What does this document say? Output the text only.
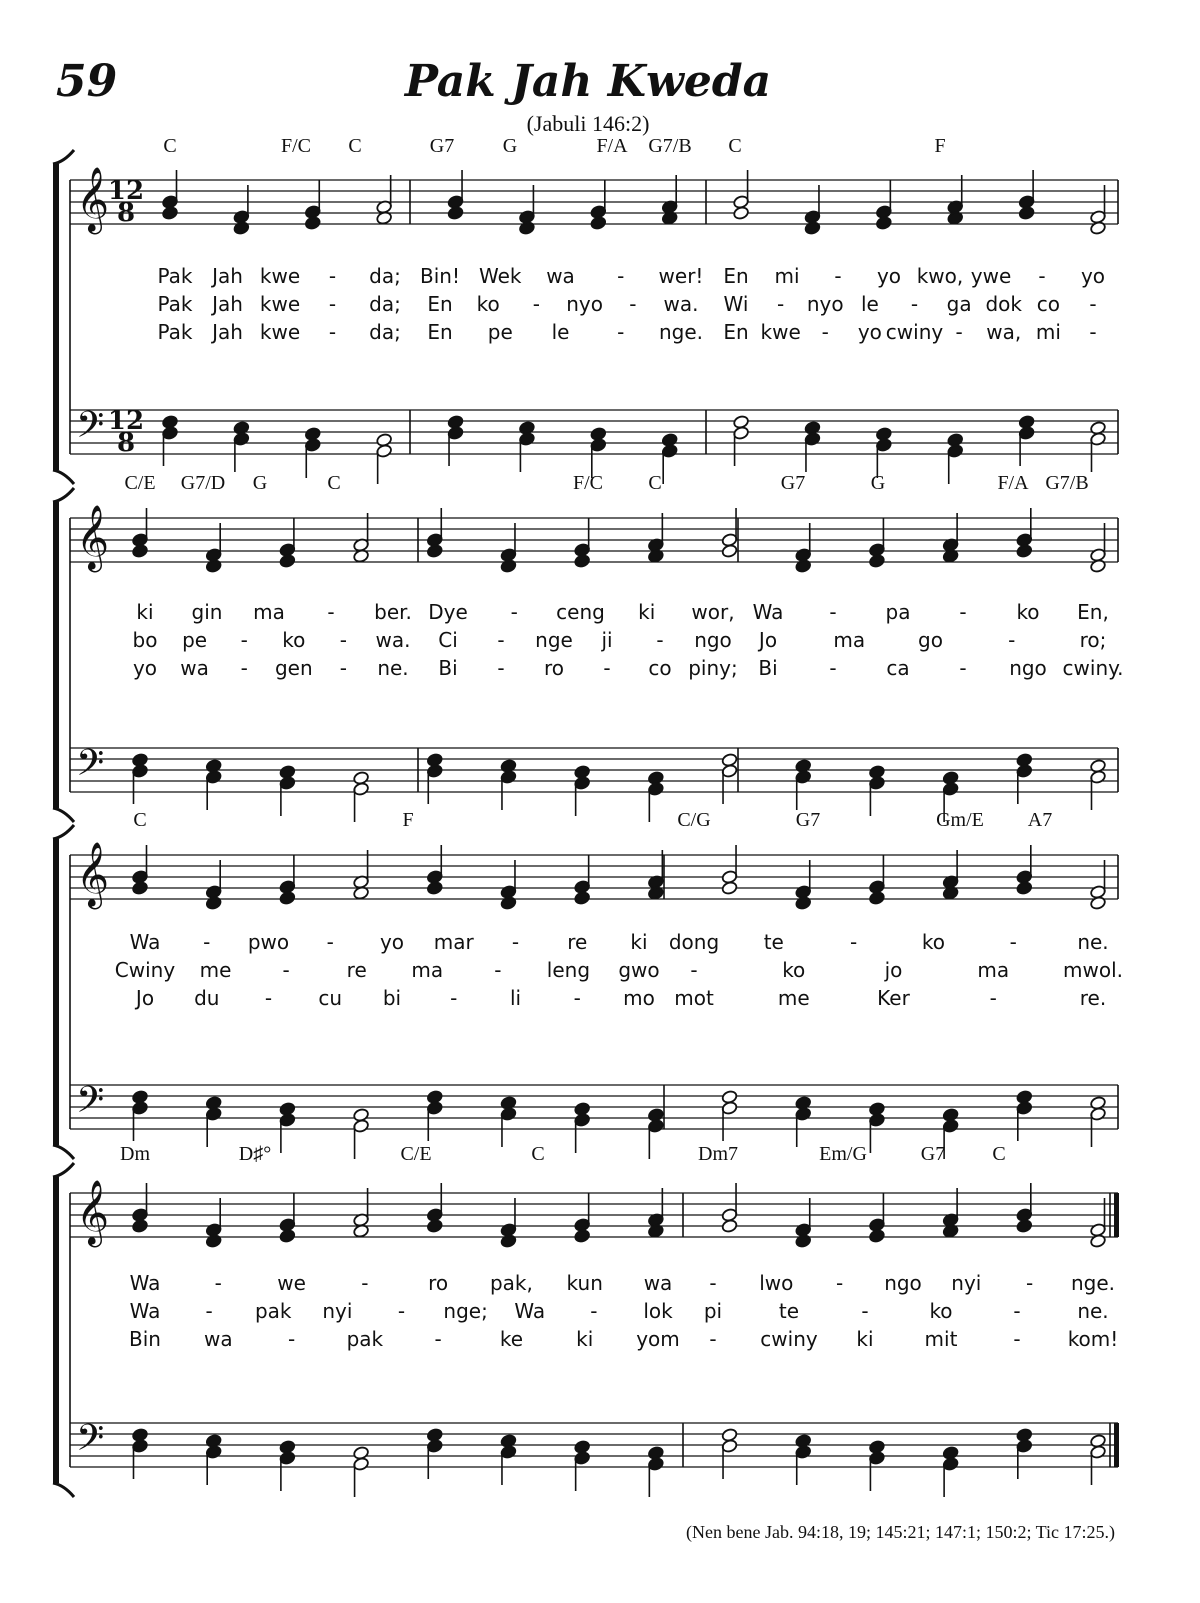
59	Pak Jah Kweda
(Jabuli 146:2)
𝄞
𝄢
12
12
8
8
C	F/C C	G7 G	F/A G7/B C	F
Pak Jah kwe - da; Bin! Wek wa - wer! En mi - yo kwo, ywe - yo
Pak Jah kwe - da; En ko - nyo - wa. Wi - nyo le - ga dok co -
Pak Jah kwe - da; En pe le - nge. En kwe - yo cwiny - wa, mi -
𝄞
𝄢
C/E G7/D G	C	F/C C	G7	G	F/A G7/B
ki gin ma - ber. Dye - ceng ki wor, Wa - pa - ko En,
bo pe - ko - wa. Ci - nge ji - ngo Jo	ma	go	-	ro;
yo wa - gen - ne. Bi - ro - co piny; Bi	- ca - ngo cwiny.
𝄞
𝄢
C	F	C/G	G7	Gm/E A7
Wa - pwo - yo mar - re ki dong te	-	ko	-	ne.
Cwiny me	-	re ma	- leng gwo -	ko	jo	ma	mwol.
Jo du - cu bi -	li	- mo mot	me	Ker	-	re.
𝄞
𝄢
Dm	D♯°	C/E	C	Dm7	Em/G	G7 C
Wa	-	we	-	ro pak, kun wa - lwo - ngo nyi - nge.
Wa - pak nyi - nge; Wa - lok pi	te	-	ko	-	ne.
Bin wa	-	pak	-	ke	ki yom - cwiny ki	mit	- kom!
(Nen bene Jab. 94:18, 19; 145:21; 147:1; 150:2; Tic 17:25.)
